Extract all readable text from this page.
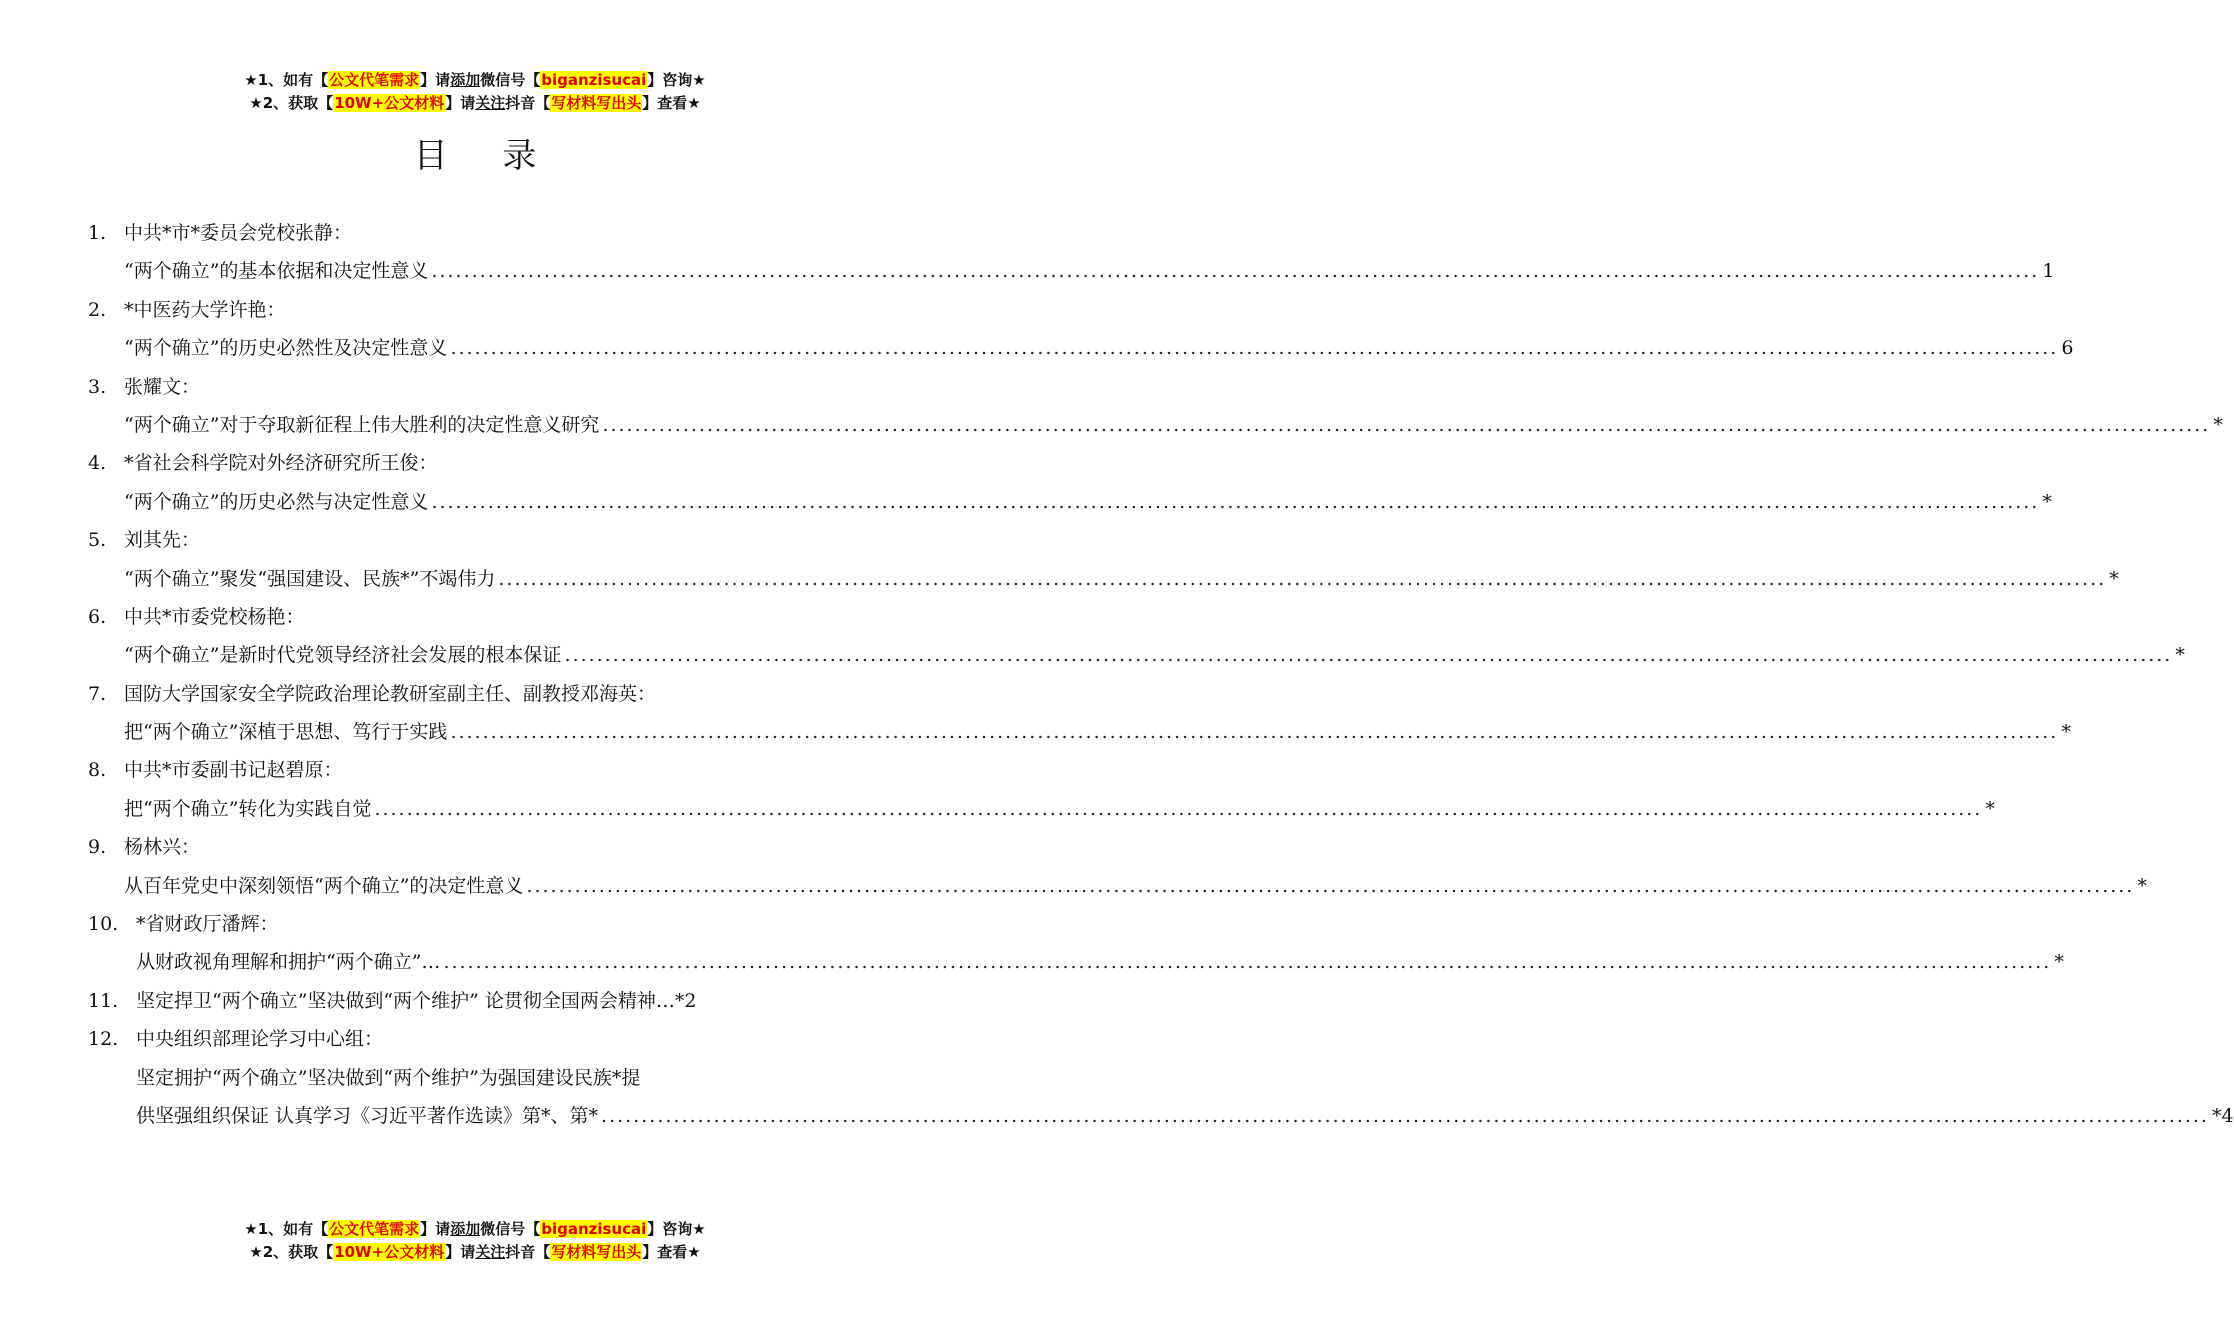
★1、如有【公文代笔需求】请添加微信号【biganzisucai】咨询★
★2、获取【10W+公文材料】请关注抖音【写材料写出头】查看★
目 录
1. 中共*市*委员会党校张静：
“两个确立”的基本依据和决定性意义 ........................................................................................................................................................................................................ 1
2. *中医药大学许艳：
“两个确立”的历史必然性及决定性意义 ........................................................................................................................................................................................................ 6
3. 张耀文：
“两个确立”对于夺取新征程上伟大胜利的决定性意义研究 ........................................................................................................................................................................................................ *
4. *省社会科学院对外经济研究所王俊：
“两个确立”的历史必然与决定性意义 ........................................................................................................................................................................................................ *
5. 刘其先：
“两个确立”聚发“强国建设、民族*”不竭伟力 ........................................................................................................................................................................................................ *
6. 中共*市委党校杨艳：
“两个确立”是新时代党领导经济社会发展的根本保证 ........................................................................................................................................................................................................ *
7. 国防大学国家安全学院政治理论教研室副主任、副教授邓海英：
把“两个确立”深植于思想、笃行于实践 ........................................................................................................................................................................................................ *
8. 中共*市委副书记赵碧原：
把“两个确立”转化为实践自觉 ........................................................................................................................................................................................................ *
9. 杨林兴：
从百年党史中深刻领悟“两个确立”的决定性意义 ........................................................................................................................................................................................................ *
10. *省财政厅潘辉：
从财政视角理解和拥护“两个确立”… ........................................................................................................................................................................................................ *
11. 坚定捍卫“两个确立”坚决做到“两个维护” 论贯彻全国两会精神…*2
12. 中央组织部理论学习中心组：
坚定拥护“两个确立”坚决做到“两个维护”为强国建设民族*提
供坚强组织保证 认真学习《习近平著作选读》第*、第* ........................................................................................................................................................................................................ *4
★1、如有【公文代笔需求】请添加微信号【biganzisucai】咨询★
★2、获取【10W+公文材料】请关注抖音【写材料写出头】查看★
